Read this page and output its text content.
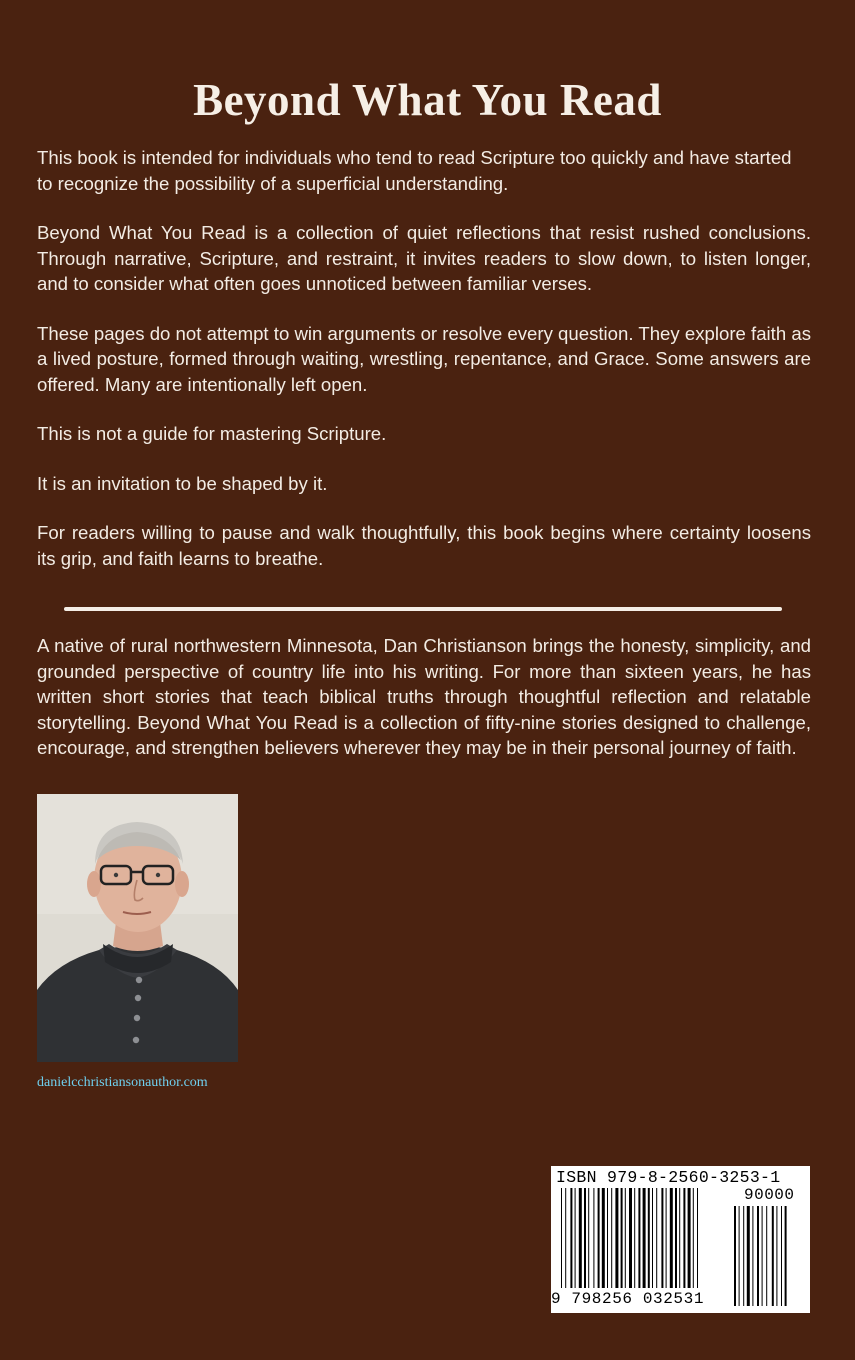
Beyond What You Read

This book is intended for individuals who tend to read Scripture too quickly and have started to recognize the possibility of a superficial understanding.

Beyond What You Read is a collection of quiet reflections that resist rushed conclusions. Through narrative, Scripture, and restraint, it invites readers to slow down, to listen longer, and to consider what often goes unnoticed between familiar verses.

These pages do not attempt to win arguments or resolve every question. They explore faith as a lived posture, formed through waiting, wrestling, repentance, and Grace. Some answers are offered. Many are intentionally left open.

This is not a guide for mastering Scripture.

It is an invitation to be shaped by it.

For readers willing to pause and walk thoughtfully, this book begins where certainty loosens its grip, and faith learns to breathe.

A native of rural northwestern Minnesota, Dan Christianson brings the honesty, simplicity, and grounded perspective of country life into his writing. For more than sixteen years, he has written short stories that teach biblical truths through thoughtful reflection and relatable storytelling. Beyond What You Read is a collection of fifty-nine stories designed to challenge, encourage, and strengthen believers wherever they may be in their personal journey of faith.

danielcchristiansonauthor.com
ISBN 979-8-2560-3253-1
90000
9 798256 032531
